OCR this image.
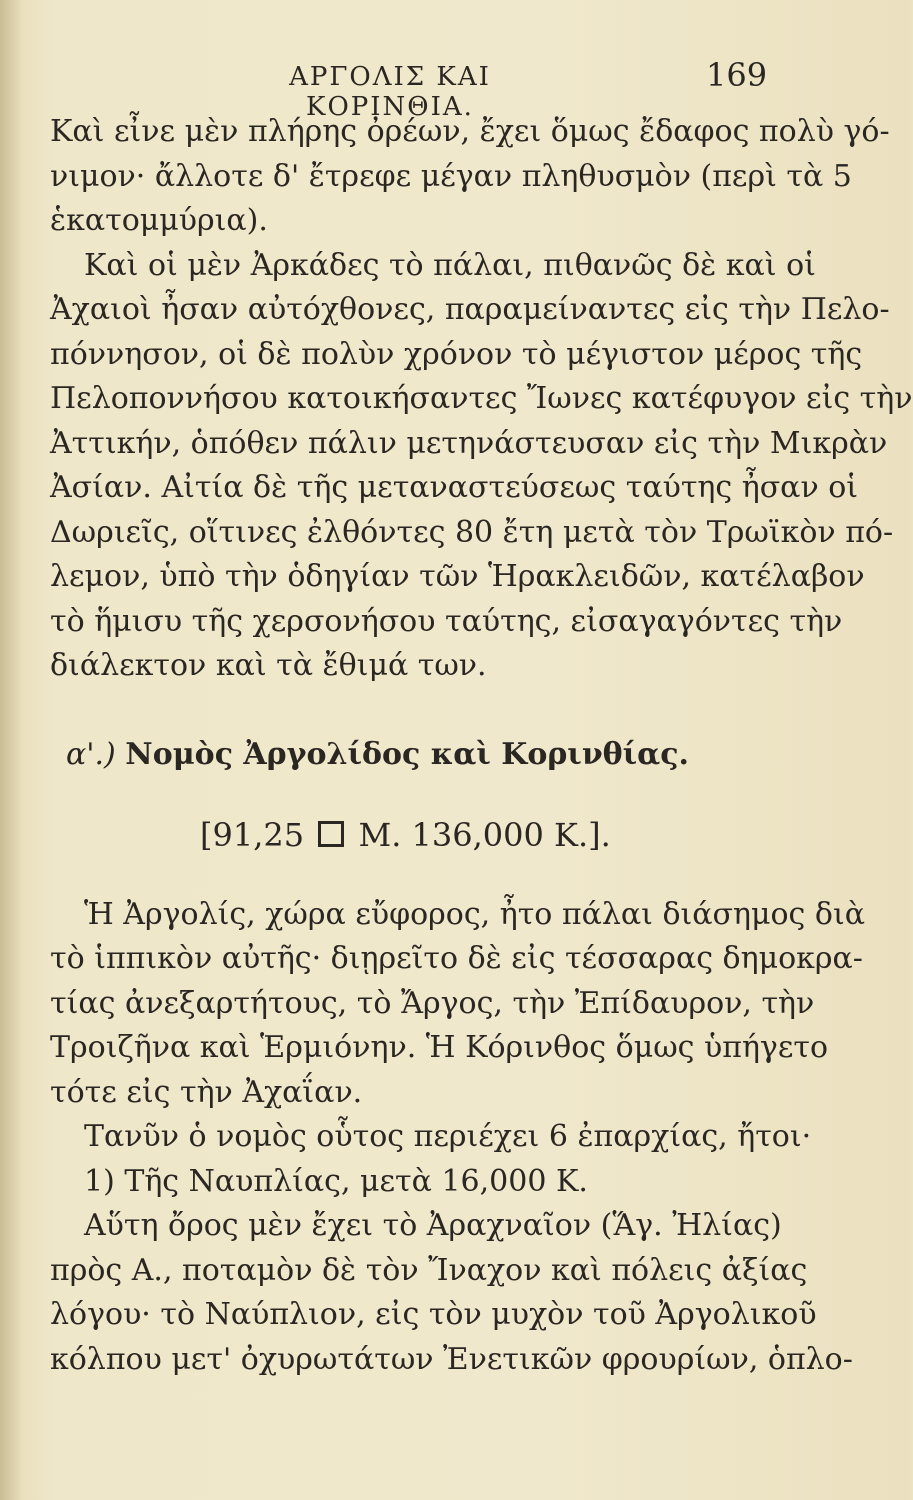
ΑΡΓΟΛΙΣ ΚΑΙ ΚΟΡΙΝΘΙΑ.
169
Καὶ εἶνε μὲν πλήρης ὀρέων, ἔχει ὅμως ἔδαφος πολὺ γό-
νιμον· ἄλλοτε δ' ἔτρεφε μέγαν πληθυσμὸν (περὶ τὰ 5
ἑκατομμύρια).
Καὶ οἱ μὲν Ἀρκάδες τὸ πάλαι, πιθανῶς δὲ καὶ οἱ
Ἀχαιοὶ ἦσαν αὐτόχθονες, παραμείναντες εἰς τὴν Πελο-
πόννησον, οἱ δὲ πολὺν χρόνον τὸ μέγιστον μέρος τῆς
Πελοποννήσου κατοικήσαντες Ἴωνες κατέφυγον εἰς τὴν
Ἀττικήν, ὁπόθεν πάλιν μετηνάστευσαν εἰς τὴν Μικρὰν
Ἀσίαν. Αἰτία δὲ τῆς μεταναστεύσεως ταύτης ἦσαν οἱ
Δωριεῖς, οἵτινες ἐλθόντες 80 ἔτη μετὰ τὸν Τρωϊκὸν πό-
λεμον, ὑπὸ τὴν ὁδηγίαν τῶν Ἡρακλειδῶν, κατέλαβον
τὸ ἥμισυ τῆς χερσονήσου ταύτης, εἰσαγαγόντες τὴν
διάλεκτον καὶ τὰ ἔθιμά των.
α'.) Νομὸς Ἀργολίδος καὶ Κορινθίας.
[91,25 Μ. 136,000 Κ.].
Ἡ Ἀργολίς, χώρα εὔφορος, ἦτο πάλαι διάσημος διὰ
τὸ ἱππικὸν αὐτῆς· διῃρεῖτο δὲ εἰς τέσσαρας δημοκρα-
τίας ἀνεξαρτήτους, τὸ Ἄργος, τὴν Ἐπίδαυρον, τὴν
Τροιζῆνα καὶ Ἑρμιόνην. Ἡ Κόρινθος ὅμως ὑπήγετο
τότε εἰς τὴν Ἀχαΐαν.
Τανῦν ὁ νομὸς οὗτος περιέχει 6 ἐπαρχίας, ἤτοι·
1) Τῆς Ναυπλίας, μετὰ 16,000 Κ.
Αὕτη ὄρος μὲν ἔχει τὸ Ἀραχναῖον (Ἅγ. Ἠλίας)
πρὸς Α., ποταμὸν δὲ τὸν Ἴναχον καὶ πόλεις ἀξίας
λόγου· τὸ Ναύπλιον, εἰς τὸν μυχὸν τοῦ Ἀργολικοῦ
κόλπου μετ' ὀχυρωτάτων Ἐνετικῶν φρουρίων, ὁπλο-
